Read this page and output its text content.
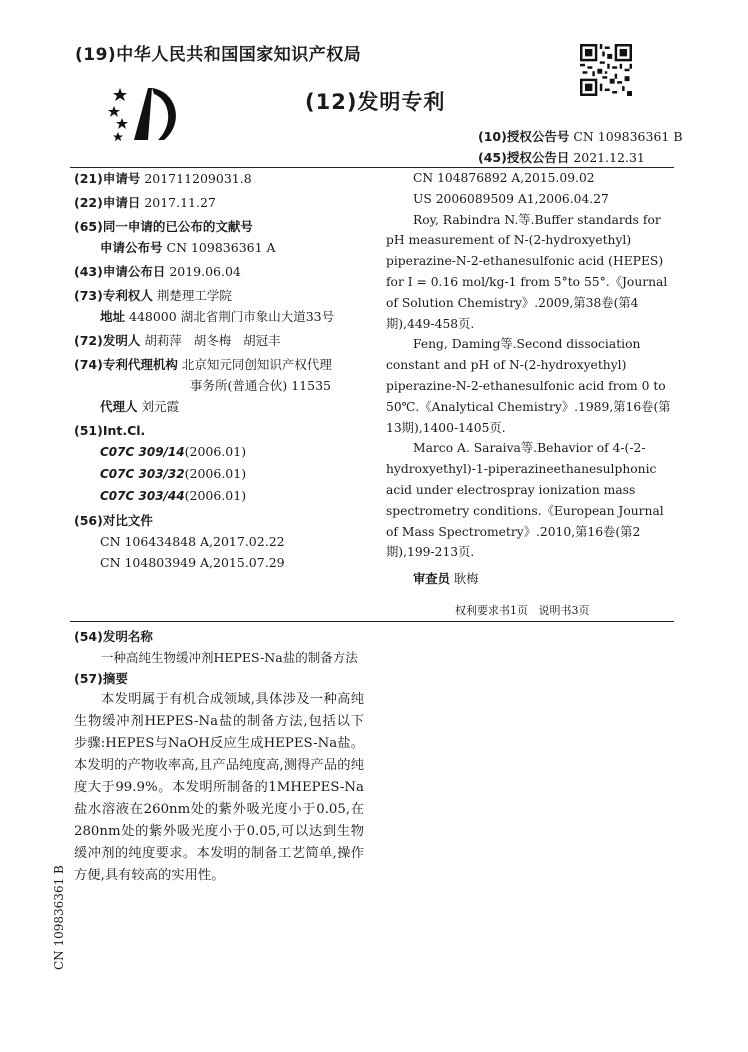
(19)中华人民共和国国家知识产权局
(12)发明专利
(10)授权公告号 CN 109836361 B
(45)授权公告日 2021.12.31
(21)申请号 201711209031.8
(22)申请日 2017.11.27
(65)同一申请的已公布的文献号
申请公布号 CN 109836361 A
(43)申请公布日 2019.06.04
(73)专利权人 荆楚理工学院
地址 448000 湖北省荆门市象山大道33号
(72)发明人 胡莉萍   胡冬梅   胡冠丰
(74)专利代理机构 北京知元同创知识产权代理
事务所(普通合伙) 11535
代理人 刘元霞
(51)Int.Cl.
C07C 309/14(2006.01)
C07C 303/32(2006.01)
C07C 303/44(2006.01)
(56)对比文件
CN 106434848 A,2017.02.22
CN 104803949 A,2015.07.29

CN 104876892 A,2015.09.02

US 2006089509 A1,2006.04.27

Roy, Rabindra N.等.Buffer standards for pH measurement of N-(2-hydroxyethyl) piperazine-N-2-ethanesulfonic acid (HEPES) for I = 0.16 mol/kg-1 from 5°to 55°.《Journal of Solution Chemistry》.2009,第38卷(第4期),449-458页.

Feng, Daming等.Second dissociation constant and pH of N-(2-hydroxyethyl) piperazine-N-2-ethanesulfonic acid from 0 to 50℃.《Analytical Chemistry》.1989,第16卷(第13期),1400-1405页.

Marco A. Saraiva等.Behavior of 4-(-2-hydroxyethyl)-1-piperazineethanesulphonic acid under electrospray ionization mass spectrometry conditions.《European Journal of Mass Spectrometry》.2010,第16卷(第2期),199-213页.

审查员 耿梅

权利要求书1页   说明书3页
(54)发明名称

一种高纯生物缓冲剂HEPES-Na盐的制备方法

(57)摘要

本发明属于有机合成领域,具体涉及一种高纯生物缓冲剂HEPES-Na盐的制备方法,包括以下步骤:HEPES与NaOH反应生成HEPES-Na盐。本发明的产物收率高,且产品纯度高,测得产品的纯度大于99.9%。本发明所制备的1MHEPES-Na盐水溶液在260nm处的紫外吸光度小于0.05,在280nm处的紫外吸光度小于0.05,可以达到生物缓冲剂的纯度要求。本发明的制备工艺简单,操作方便,具有较高的实用性。

CN 109836361 B
